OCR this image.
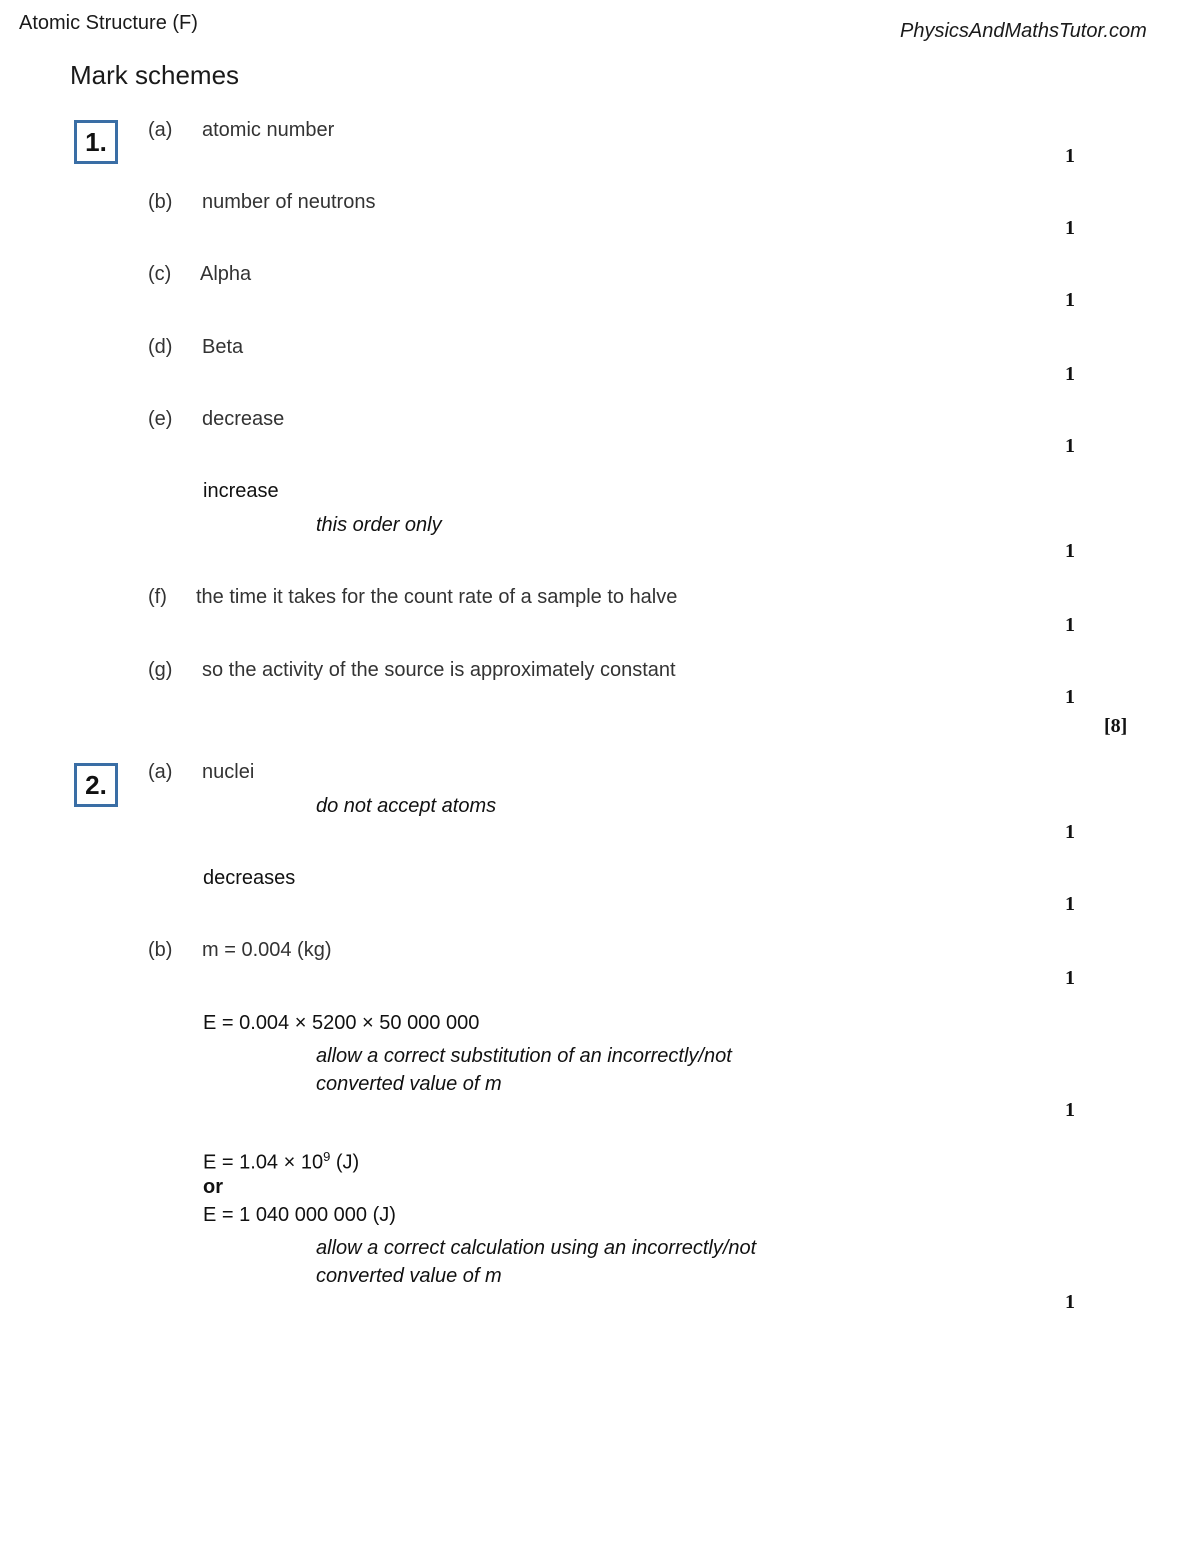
Atomic Structure (F)	PhysicsAndMathsTutor.com
Mark schemes
1.	(a) atomic number
1
(b) number of neutrons
1
(c) Alpha
1
(d) Beta
1
(e) decrease
1
increase
this order only
1
(f) the time it takes for the count rate of a sample to halve
1
(g) so the activity of the source is approximately constant
1
[8]
2.	(a) nuclei
do not accept atoms
1
decreases
1
(b) m = 0.004 (kg)
1
E = 0.004 × 5200 × 50 000 000
allow a correct substitution of an incorrectly/not
converted value of m
1
$E = 1.04 \times 10^9$ (J)
or
E = 1 040 000 000 (J)
allow a correct calculation using an incorrectly/not
converted value of m
1
